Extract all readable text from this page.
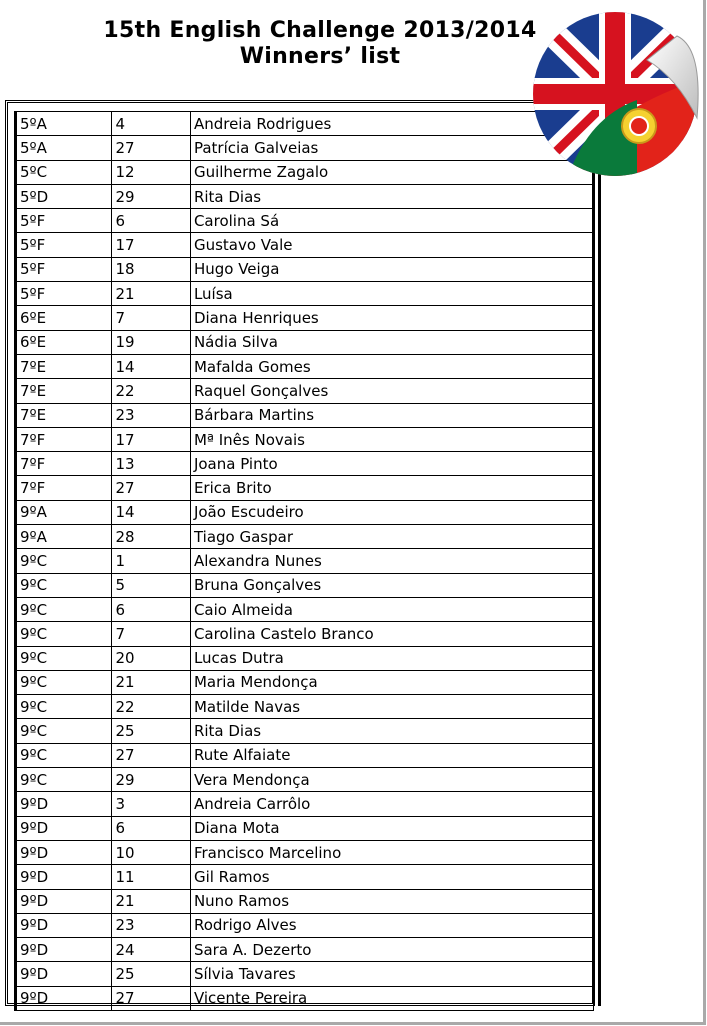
15th English Challenge 2013/2014
Winners’ list
5ºA	4	Andreia Rodrigues
5ºA	27	Patrícia Galveias
5ºC	12	Guilherme Zagalo
5ºD	29	Rita Dias
5ºF	6	Carolina Sá
5ºF	17	Gustavo Vale
5ºF	18	Hugo Veiga
5ºF	21	Luísa
6ºE	7	Diana Henriques
6ºE	19	Nádia Silva
7ºE	14	Mafalda Gomes
7ºE	22	Raquel Gonçalves
7ºE	23	Bárbara Martins
7ºF	17	Mª Inês Novais
7ºF	13	Joana Pinto
7ºF	27	Erica Brito
9ºA	14	João Escudeiro
9ºA	28	Tiago Gaspar
9ºC	1	Alexandra Nunes
9ºC	5	Bruna Gonçalves
9ºC	6	Caio Almeida
9ºC	7	Carolina Castelo Branco
9ºC	20	Lucas Dutra
9ºC	21	Maria Mendonça
9ºC	22	Matilde Navas
9ºC	25	Rita Dias
9ºC	27	Rute Alfaiate
9ºC	29	Vera Mendonça
9ºD	3	Andreia Carrôlo
9ºD	6	Diana Mota
9ºD	10	Francisco Marcelino
9ºD	11	Gil Ramos
9ºD	21	Nuno Ramos
9ºD	23	Rodrigo Alves
9ºD	24	Sara A. Dezerto
9ºD	25	Sílvia Tavares
9ºD	27	Vicente Pereira
